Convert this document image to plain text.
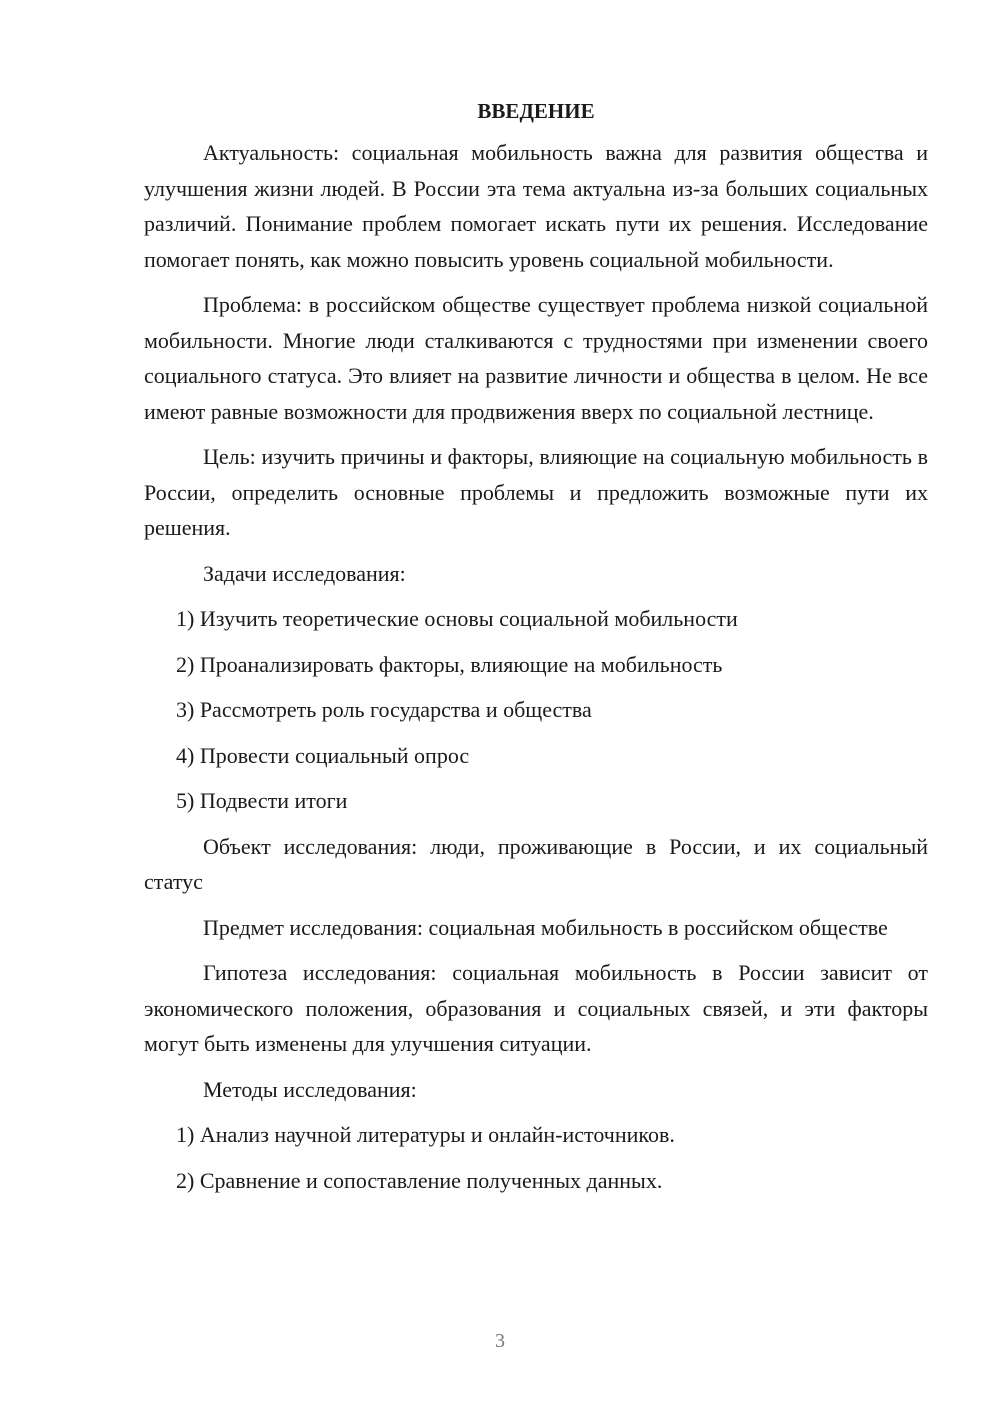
ВВЕДЕНИЕ

Актуальность: социальная мобильность важна для развития общества и улучшения жизни людей. В России эта тема актуальна из-за больших социальных различий. Понимание проблем помогает искать пути их решения. Исследование помогает понять, как можно повысить уровень социальной мобильности.

Проблема: в российском обществе существует проблема низкой социальной мобильности. Многие люди сталкиваются с трудностями при изменении своего социального статуса. Это влияет на развитие личности и общества в целом. Не все имеют равные возможности для продвижения вверх по социальной лестнице.

Цель: изучить причины и факторы, влияющие на социальную мобильность в России, определить основные проблемы и предложить возможные пути их решения.

Задачи исследования:

1) Изучить теоретические основы социальной мобильности
2) Проанализировать факторы, влияющие на мобильность
3) Рассмотреть роль государства и общества
4) Провести социальный опрос
5) Подвести итоги

Объект исследования: люди, проживающие в России, и их социальный статус

Предмет исследования: социальная мобильность в российском обществе

Гипотеза исследования: социальная мобильность в России зависит от экономического положения, образования и социальных связей, и эти факторы могут быть изменены для улучшения ситуации.

Методы исследования:

1) Анализ научной литературы и онлайн-источников.
2) Сравнение и сопоставление полученных данных.
3
